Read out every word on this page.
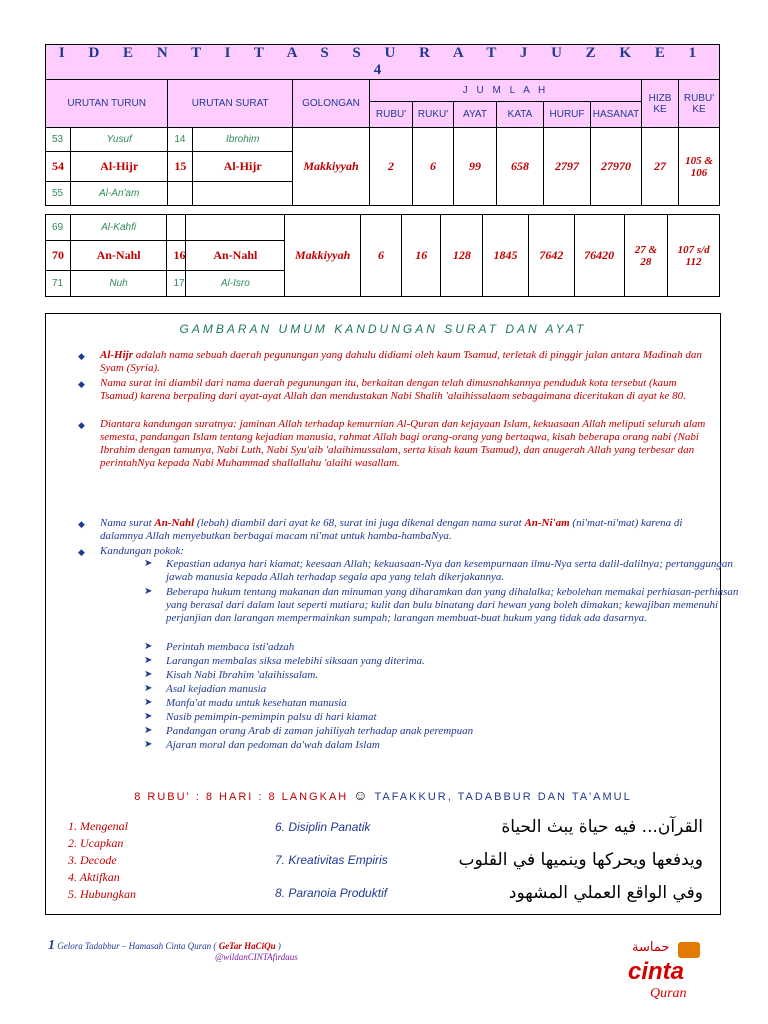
I D E N T I T A S S U R A T J U Z K E 1 4												
URUTAN TURUN		URUTAN SURAT		GOLONGAN	J U M L A H						HIZB KE	RUBU' KE
					RUBU'	RUKU'	AYAT	KATA	HURUF	HASANAT		
53	Yusuf	14	Ibrohim	Makkiyyah	2	6	99	658	2797	27970	27	105 & 106
54	Al-Hijr	15	Al-Hijr									
55	Al-An'am											
69	Al-Kahfi			Makkiyyah	6	16	128	1845	7642	76420	27 & 28	107 s/d 112
70	An-Nahl	16	An-Nahl									
71	Nuh	17	Al-Isro									
GAMBARAN UMUM KANDUNGAN SURAT DAN AYAT
◆ Al-Hijr adalah nama sebuah daerah pegunungan yang dahulu didiami oleh kaum Tsamud, terletak di pinggir jalan antara Madinah dan Syam (Syria).
◆ Nama surat ini diambil dari nama daerah pegunungan itu, berkaitan dengan telah dimusnahkannya penduduk kota tersebut (kaum Tsamud) karena berpaling dari ayat-ayat Allah dan mendustakan Nabi Shalih 'alaihissalaam sebagaimana diceritakan di ayat ke 80.
◆ Diantara kandungan suratnya: jaminan Allah terhadap kemurnian Al-Quran dan kejayaan Islam, kekuasaan Allah meliputi seluruh alam semesta, pandangan Islam tentang kejadian manusia, rahmat Allah bagi orang-orang yang bertaqwa, kisah beberapa orang nabi (Nabi Ibrahim dengan tamunya, Nabi Luth, Nabi Syu'aib 'alaihimussalam, serta kisah kaum Tsamud), dan anugerah Allah yang terbesar dan perintahNya kepada Nabi Muhammad shallallahu 'alaihi wasallam.
◆ Nama surat An-Nahl (lebah) diambil dari ayat ke 68, surat ini juga dikenal dengan nama surat An-Ni'am (ni'mat-ni'mat) karena di dalamnya Allah menyebutkan berbagai macam ni'mat untuk hamba-hambaNya.
◆ Kandungan pokok:
➤ Kepastian adanya hari kiamat; keesaan Allah; kekuasaan-Nya dan kesempurnaan ilmu-Nya serta dalil-dalilnya; pertanggungan jawab manusia kepada Allah terhadap segala apa yang telah dikerjakannya.
➤ Beberapa hukum tentang makanan dan minuman yang diharamkan dan yang dihalalka; kebolehan memakai perhiasan-perhiasan yang berasal dari dalam laut seperti mutiara; kulit dan bulu binatang dari hewan yang boleh dimakan; kewajiban memenuhi perjanjian dan larangan mempermainkan sumpah; larangan membuat-buat hukum yang tidak ada dasarnya.
➤ Perintah membaca isti'adzah
➤ Larangan membalas siksa melebihi siksaan yang diterima.
➤ Kisah Nabi Ibrahim 'alaihissalam.
➤ Asal kejadian manusia
➤ Manfa'at madu untuk kesehatan manusia
➤ Nasib pemimpin-pemimpin palsu di hari kiamat
➤ Pandangan orang Arab di zaman jahiliyah terhadap anak perempuan
➤ Ajaran moral dan pedoman da'wah dalam Islam
8 RUBU' : 8 HARI : 8 LANGKAH ☺ TAFAKKUR, TADABBUR DAN TA'AMUL
1. Mengenal
2. Ucapkan
3. Decode
4. Aktifkan
5. Hubungkan
6. Disiplin Panatik
7. Kreativitas Empiris
8. Paranoia Produktif
القرآن... فيه حياة يبث الحياة
ويدفعها ويحركها وينميها في القلوب
وفي الواقع العملي المشهود
1 Gelora Tadabbur – Hamasah Cinta Quran ( GeTar HaCiQu )
@wildanCINTAfirdaus
حماسة
cinta
Quran
